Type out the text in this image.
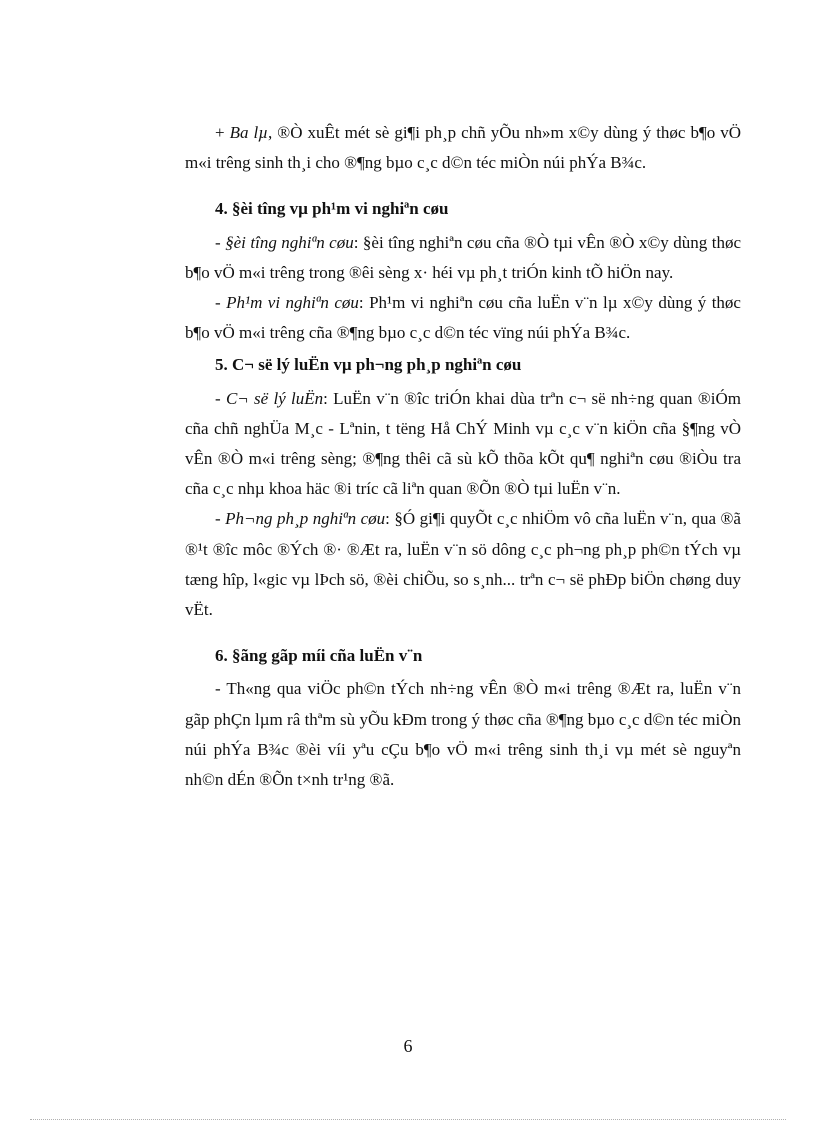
+ Ba lµ, ®Ò xuÊt mét sè gi¶i ph¸p chñ yÕu nh»m x©y dùng ý thøc b¶o vÖ m«i trêng sinh th¸i cho ®¶ng bµo c¸c d©n téc miÒn núi phÝa B¾c.

4. §èi tîng vµ ph¹m vi nghiªn cøu

- §èi tîng nghiªn cøu: §èi tîng nghiªn cøu cña ®Ò tµi vÊn ®Ò x©y dùng thøc b¶o vÖ m«i trêng trong ®êi sèng x· héi vµ ph¸t triÓn kinh tÕ hiÖn nay.

- Ph¹m vi nghiªn cøu: Ph¹m vi nghiªn cøu cña luËn v¨n lµ x©y dùng ý thøc b¶o vÖ m«i trêng cña ®¶ng bµo c¸c d©n téc vïng núi phÝa B¾c.

5. C¬ së lý luËn vµ ph¬ng ph¸p nghiªn cøu

- C¬ së lý luËn: LuËn v¨n ®îc triÓn khai dùa trªn c¬ së nh÷ng quan ®iÓm cña chñ nghÜa M¸c - Lªnin, t tëng Hå ChÝ Minh vµ c¸c v¨n kiÖn cña §¶ng vÒ vÊn ®Ò m«i trêng sèng; ®¶ng thêi cã sù kÕ thõa kÕt qu¶ nghiªn cøu ®iÒu tra cña c¸c nhµ khoa häc ®i tríc cã liªn quan ®Õn ®Ò tµi luËn v¨n.

- Ph¬ng ph¸p nghiªn cøu: §Ó gi¶i quyÕt c¸c nhiÖm vô cña luËn v¨n, qua ®ã ®¹t ®îc môc ®Ých ®· ®Æt ra, luËn v¨n sö dông c¸c ph¬ng ph¸p ph©n tÝch vµ tæng hîp, l«gic vµ lÞch sö, ®èi chiÕu, so s¸nh... trªn c¬ së phÐp biÖn chøng duy vËt.

6. §ãng gãp míi cña luËn v¨n

- Th«ng qua viÖc ph©n tÝch nh÷ng vÊn ®Ò m«i trêng ®Æt ra, luËn v¨n gãp phÇn lµm râ thªm sù yÕu kÐm trong ý thøc cña ®¶ng bµo c¸c d©n téc miÒn núi phÝa B¾c ®èi víi yªu cÇu b¶o vÖ m«i trêng sinh th¸i vµ mét sè nguyªn nh©n dÉn ®Õn t×nh tr¹ng ®ã.

6
